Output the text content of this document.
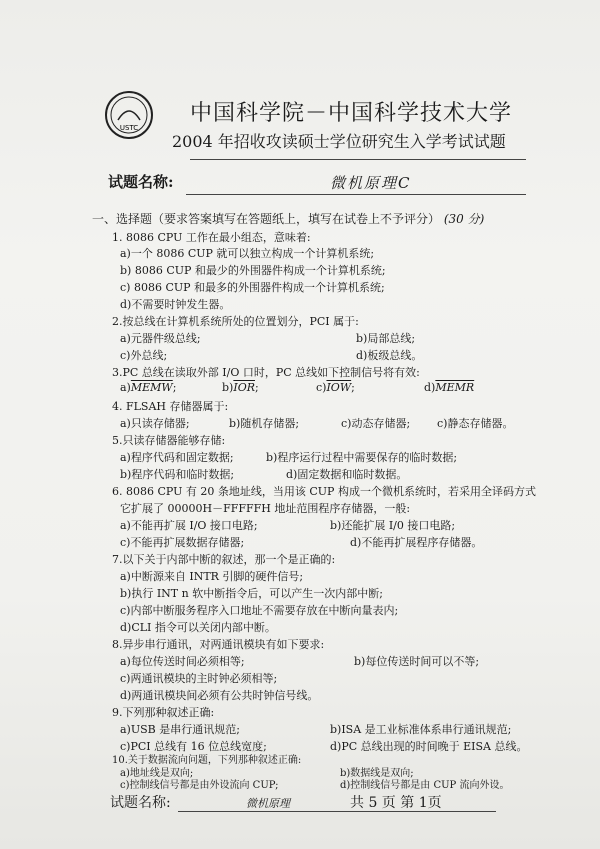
USTC
中国科学院－中国科学技术大学
2004 年招收攻读硕士学位研究生入学考试试题
试题名称:	微机原理C
一、选择题（要求答案填写在答题纸上，填写在试卷上不予评分） (30 分)
1. 8086 CPU 工作在最小组态，意味着:
a)一个 8086 CUP 就可以独立构成一个计算机系统;
b) 8086 CUP 和最少的外围器件构成一个计算机系统;
c) 8086 CUP 和最多的外围器件构成一个计算机系统;
d)不需要时钟发生器。
2.按总线在计算机系统所处的位置划分，PCI 属于:
a)元器件级总线;	b)局部总线;
c)外总线;	d)板级总线。
3.PC 总线在读取外部 I/O 口时，PC 总线如下控制信号将有效:
a)MEMW;	$b)\overline{IOR}$;	$c)\overline{IOW}$;	d)MEMR
4. FLSAH 存储器属于:
a)只读存储器;	b)随机存储器;	c)动态存储器; c)静态存储器。
5.只读存储器能够存储:
a)程序代码和固定数据;	b)程序运行过程中需要保存的临时数据;
b)程序代码和临时数据;	d)固定数据和临时数据。
6. 8086 CPU 有 20 条地址线，当用该 CUP 构成一个微机系统时，若采用全译码方式
它扩展了 00000H－FFFFFH 地址范围程序存储器，一般:
a)不能再扩展 I/O 接口电路;	b)还能扩展 I/0 接口电路;
c)不能再扩展数据存储器;	d)不能再扩展程序存储器。
7.以下关于内部中断的叙述，那一个是正确的:
a)中断源来自 INTR 引脚的硬件信号;
b)执行 INT n 软中断指令后，可以产生一次内部中断;
c)内部中断服务程序入口地址不需要存放在中断向量表内;
d)CLI 指令可以关闭内部中断。
8.异步串行通讯，对两通讯模块有如下要求:
a)每位传送时间必须相等;	b)每位传送时间可以不等;
c)两通讯模块的主时钟必须相等;
d)两通讯模块间必须有公共时钟信号线。
9.下列那种叙述正确:
a)USB 是串行通讯规范;	b)ISA 是工业标准体系串行通讯规范;
c)PCI 总线有 16 位总线宽度;	d)PC 总线出现的时间晚于 EISA 总线。
10.关于数据流向问题，下列那种叙述正确:
a)地址线是双向;	b)数据线是双向;
试题名称:	微机原理	共 5 页 第 1页
c)控制线信号都是由外设流向 CUP;	d)控制线信号都是由 CUP 流向外设。
